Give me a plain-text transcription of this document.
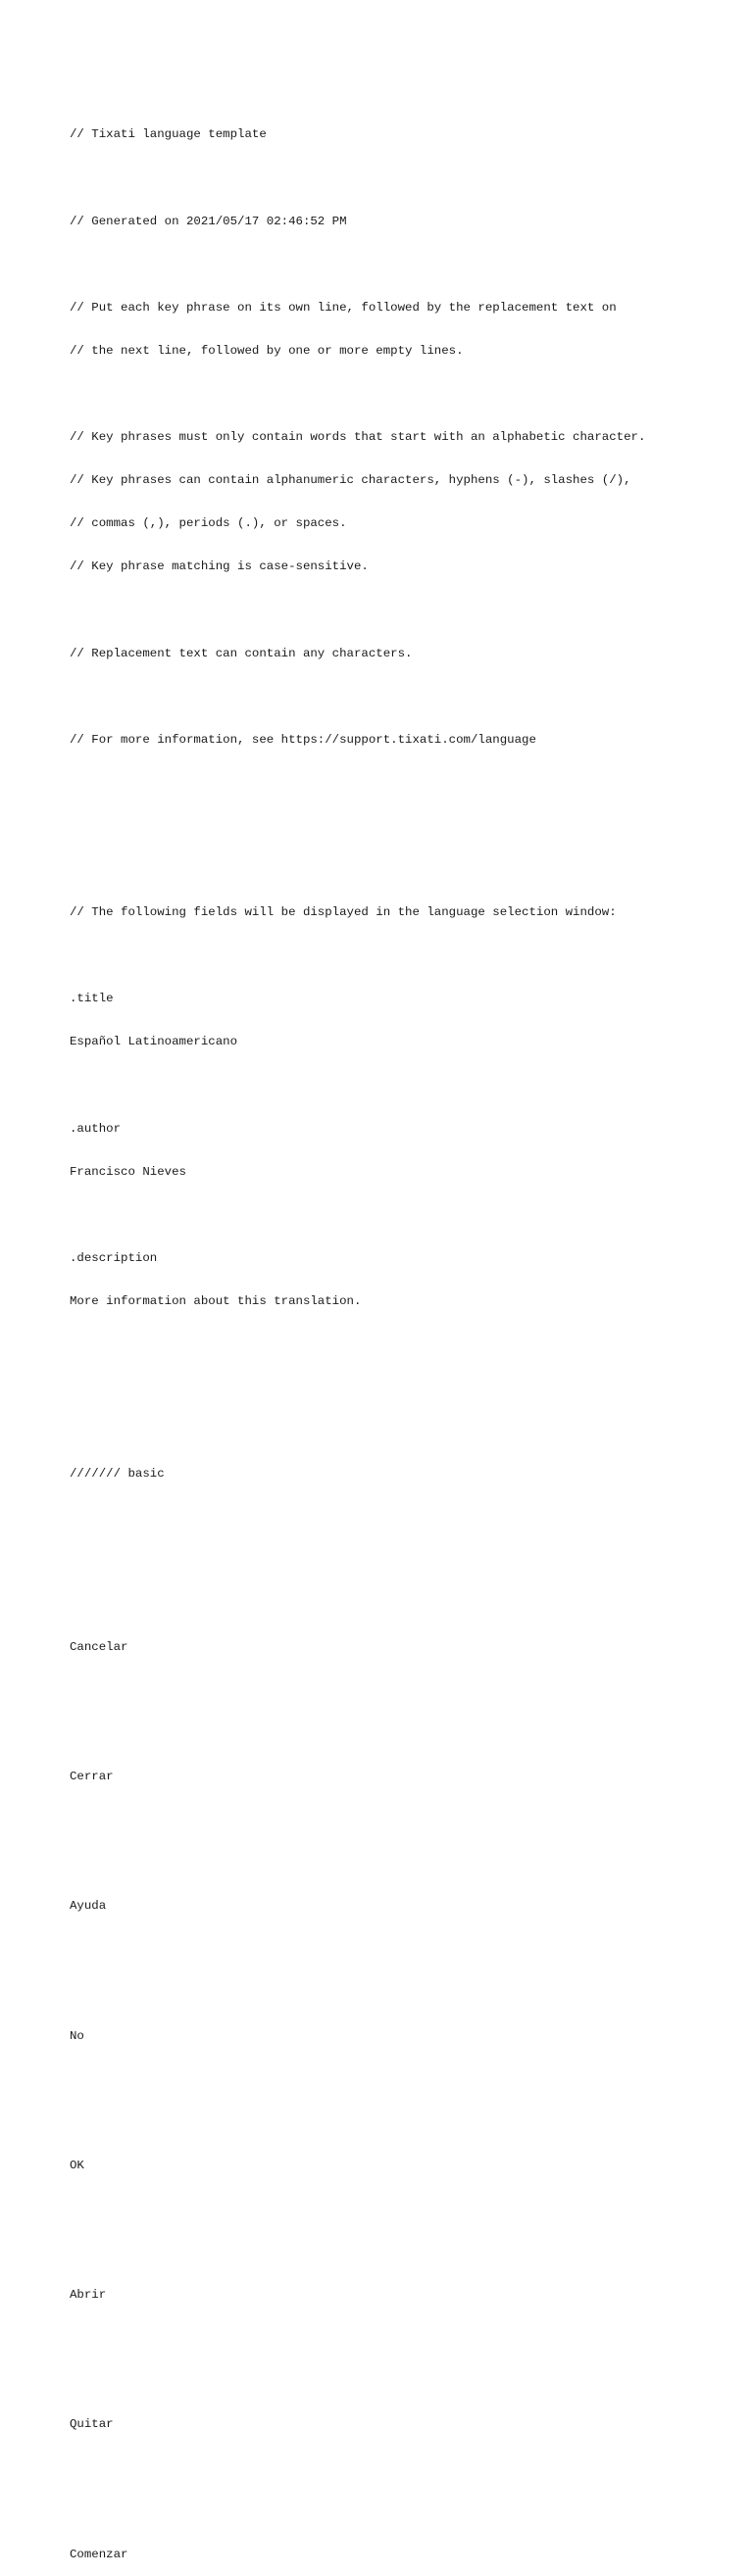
// Tixati language template

// Generated on 2021/05/17 02:46:52 PM

// Put each key phrase on its own line, followed by the replacement text on

// the next line, followed by one or more empty lines.

// Key phrases must only contain words that start with an alphabetic character.

// Key phrases can contain alphanumeric characters, hyphens (-), slashes (/),

// commas (,), periods (.), or spaces.

// Key phrase matching is case-sensitive.

// Replacement text can contain any characters.

// For more information, see https://support.tixati.com/language

// The following fields will be displayed in the language selection window:

.title

Español Latinoamericano

.author

Francisco Nieves

.description

More information about this translation.

/////// basic

Cancelar

Cerrar

Ayuda

No

OK

Abrir

Quitar

Comenzar
